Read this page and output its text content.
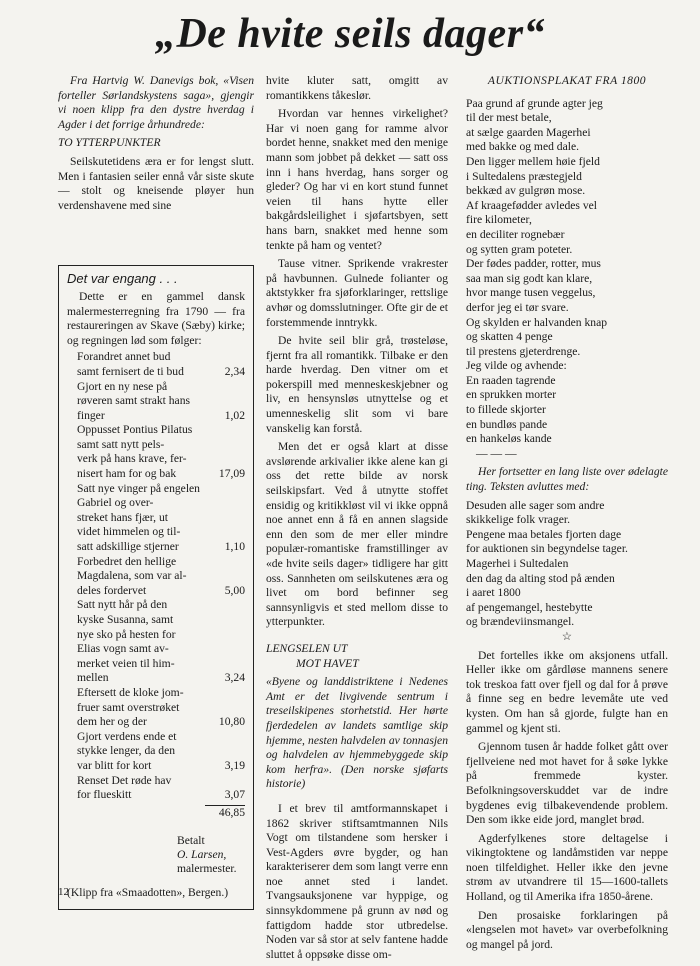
„De hvite seils dager“

Fra Hartvig W. Danevigs bok, «Visen forteller Sørlandskystens saga», gjengir vi noen klipp fra den dystre hverdag i Agder i det forrige århundrede:

TO YTTERPUNKTER

Seilskutetidens æra er for lengst slutt. Men i fantasien seiler ennå vår siste skute — stolt og kneisende pløyer hun verdenshavene med sine

Det var engang . . .
Dette er en gammel dansk malermesterregning fra 1790 — fra restaureringen av Skave (Sæby) kirke; og regningen lød som følger:
Forandret annet bud
samt fernisert de ti bud	2,34
Gjort en ny nese på
røveren samt strakt hans
finger	1,02
Oppusset Pontius Pilatus samt satt nytt pels-
verk på hans krave, fer-
nisert ham for og bak	17,09
Satt nye vinger på engelen Gabriel og over-
streket hans fjær, ut
videt himmelen og til-
satt adskillige stjerner	1,10
Forbedret den hellige
Magdalena, som var al-
deles fordervet	5,00
Satt nytt hår på den
kyske Susanna, samt
nye sko på hesten for
Elias vogn samt av-
merket veien til him-
mellen	3,24
Eftersett de kloke jom-
fruer samt overstrøket
dem her og der	10,80
Gjort verdens ende et
stykke lenger, da den
var blitt for kort	3,19
Renset Det røde hav
for flueskitt	3,07
46,85
Betalt
O. Larsen,
malermester.
(Klipp fra «Smaadotten», Bergen.)

hvite kluter satt, omgitt av romantikkens tåkeslør.

Hvordan var hennes virkelighet? Har vi noen gang for ramme alvor bordet henne, snakket med den menige mann som jobbet på dekket — satt oss inn i hans hverdag, hans sorger og gleder? Og har vi en kort stund funnet veien til hans hytte eller bakgårdsleilighet i sjøfartsbyen, sett hans barn, snakket med henne som tenkte på ham og ventet?

Tause vitner. Sprikende vrakrester på havbunnen. Gulnede folianter og aktstykker fra sjøforklaringer, rettslige avhør og domsslutninger. Ofte gir de et forstemmende inntrykk.

De hvite seil blir grå, trøsteløse, fjernt fra all romantikk. Tilbake er den harde hverdag. Den vitner om et pokerspill med menneskeskjebner og liv, en hensynsløs utnyttelse og et umenneskelig slit som vi bare vanskelig kan forstå.

Men det er også klart at disse avslørende arkivalier ikke alene kan gi oss det rette bilde av norsk seilskipsfart. Ved å utnytte stoffet ensidig og kritikkløst vil vi ikke oppnå noe annet enn å få en annen slagside enn den som de mer eller mindre populær-romantiske framstillinger av «de hvite seils dager» tidligere har gitt oss. Sannheten om seilskutenes æra og livet om bord befinner seg sannsynligvis et sted mellom disse to ytterpunkter.

LENGSELEN UT

MOT HAVET

«Byene og landdistriktene i Nedenes Amt er det livgivende sentrum i treseilskipenes storhetstid. Her hørte fjerdedelen av landets samtlige skip hjemme, nesten halvdelen av tonnasjen og halvdelen av hjemmebyggede skip kom herfra». (Den norske sjøfarts historie)

I et brev til amtformannskapet i 1862 skriver stiftsamtmannen Nils Vogt om tilstandene som hersker i Vest-Agders øvre bygder, og han karakteriserer dem som langt verre enn noe annet sted i landet. Tvangsauksjonene var hyppige, og sinnsykdommene på grunn av nød og fattigdom hadde stor utbredelse. Noden var så stor at selv fantene hadde sluttet å oppsøke disse om-

AUKTIONSPLAKAT FRA 1800
Paa grund af grunde agter jeg
til der mest betale,
at sælge gaarden Magerhei
med bakke og med dale.
Den ligger mellem høie fjeld
i Sultedalens præstegjeld
bekkæd av gulgrøn mose.
Af kraagefødder avledes vel
fire kilometer,
en deciliter rognebær
og sytten gram poteter.
Der fødes padder, rotter, mus
saa man sig godt kan klare,
hvor mange tusen veggelus,
derfor jeg ei tør svare.
Og skylden er halvanden knap
og skatten 4 penge
til prestens gjeterdrenge.
Jeg vilde og avhende:
En raaden tagrende
en sprukken morter
to fillede skjorter
en bundløs pande
en hankeløs kande
— — —

Her fortsetter en lang liste over ødelagte ting. Teksten avluttes med:

Desuden alle sager som andre
skikkelige folk vrager.
Pengene maa betales fjorten dage
for auktionen sin begyndelse tager.
Magerhei i Sultedalen
den dag da alting stod på ænden
i aaret 1800
af pengemangel, hestebytte
og brændeviinsmangel.

☆

Det fortelles ikke om aksjonens utfall. Heller ikke om gårdløse mannens senere tok treskoa fatt over fjell og dal for å prøve å finne seg en bedre levemåte ute ved kysten. Om han så gjorde, fulgte han en gammel og kjent sti.

Gjennom tusen år hadde folket gått over fjellveiene ned mot havet for å søke lykke på fremmede kyster. Befolkningsoverskuddet var de indre bygdenes evig tilbakevendende problem. Den som ikke eide jord, manglet brød.

Agderfylkenes store deltagelse i vikingtoktene og landåmstiden var neppe noen tilfeldighet. Heller ikke den jevne strøm av utvandrere til 15—1600-tallets Holland, og til Amerika ifra 1850-årene.

Den prosaiske forklaringen på «lengselen mot havet» var overbefolkning og mangel på jord.

12
